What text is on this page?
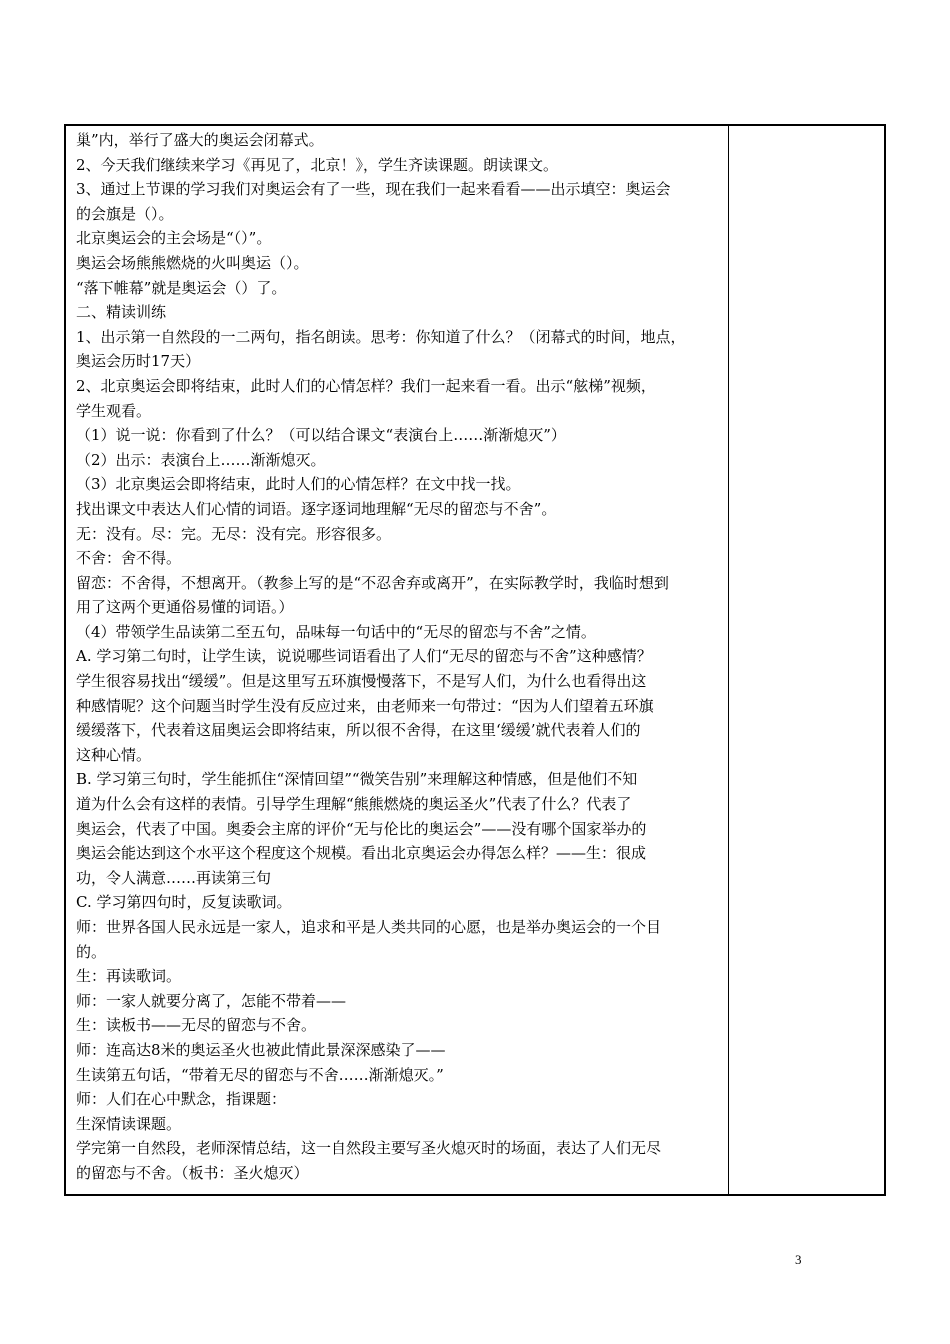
巢”内，举行了盛大的奥运会闭幕式。
2、今天我们继续来学习《再见了，北京！》，学生齐读课题。朗读课文。
3、通过上节课的学习我们对奥运会有了一些，现在我们一起来看看——出示填空：奥运会
的会旗是（）。
北京奥运会的主会场是“（）”。
奥运会场熊熊燃烧的火叫奥运（）。
“落下帷幕”就是奥运会（）了。
二、精读训练
1、出示第一自然段的一二两句，指名朗读。思考：你知道了什么？（闭幕式的时间，地点，
奥运会历时17天）
2、北京奥运会即将结束，此时人们的心情怎样？我们一起来看一看。出示“舷梯”视频，
学生观看。
（1）说一说：你看到了什么？（可以结合课文“表演台上……渐渐熄灭”）
（2）出示：表演台上……渐渐熄灭。
（3）北京奥运会即将结束，此时人们的心情怎样？在文中找一找。
找出课文中表达人们心情的词语。逐字逐词地理解“无尽的留恋与不舍”。
无：没有。尽：完。无尽：没有完。形容很多。
不舍：舍不得。
留恋：不舍得，不想离开。（教参上写的是“不忍舍弃或离开”，在实际教学时，我临时想到
用了这两个更通俗易懂的词语。）
（4）带领学生品读第二至五句，品味每一句话中的“无尽的留恋与不舍”之情。
A. 学习第二句时，让学生读，说说哪些词语看出了人们“无尽的留恋与不舍”这种感情？
学生很容易找出“缓缓”。但是这里写五环旗慢慢落下，不是写人们，为什么也看得出这
种感情呢？这个问题当时学生没有反应过来，由老师来一句带过：“因为人们望着五环旗
缓缓落下，代表着这届奥运会即将结束，所以很不舍得，在这里‘缓缓’就代表着人们的
这种心情。
B. 学习第三句时，学生能抓住“深情回望”“微笑告别”来理解这种情感，但是他们不知
道为什么会有这样的表情。引导学生理解“熊熊燃烧的奥运圣火”代表了什么？代表了
奥运会，代表了中国。奥委会主席的评价“无与伦比的奥运会”——没有哪个国家举办的
奥运会能达到这个水平这个程度这个规模。看出北京奥运会办得怎么样？——生：很成
功，令人满意……再读第三句
C. 学习第四句时，反复读歌词。
师：世界各国人民永远是一家人，追求和平是人类共同的心愿，也是举办奥运会的一个目
的。
生：再读歌词。
师：一家人就要分离了，怎能不带着——
生：读板书——无尽的留恋与不舍。
师：连高达8米的奥运圣火也被此情此景深深感染了——
生读第五句话，“带着无尽的留恋与不舍……渐渐熄灭。”
师：人们在心中默念，指课题：
生深情读课题。
学完第一自然段，老师深情总结，这一自然段主要写圣火熄灭时的场面，表达了人们无尽
的留恋与不舍。（板书：圣火熄灭）
3
